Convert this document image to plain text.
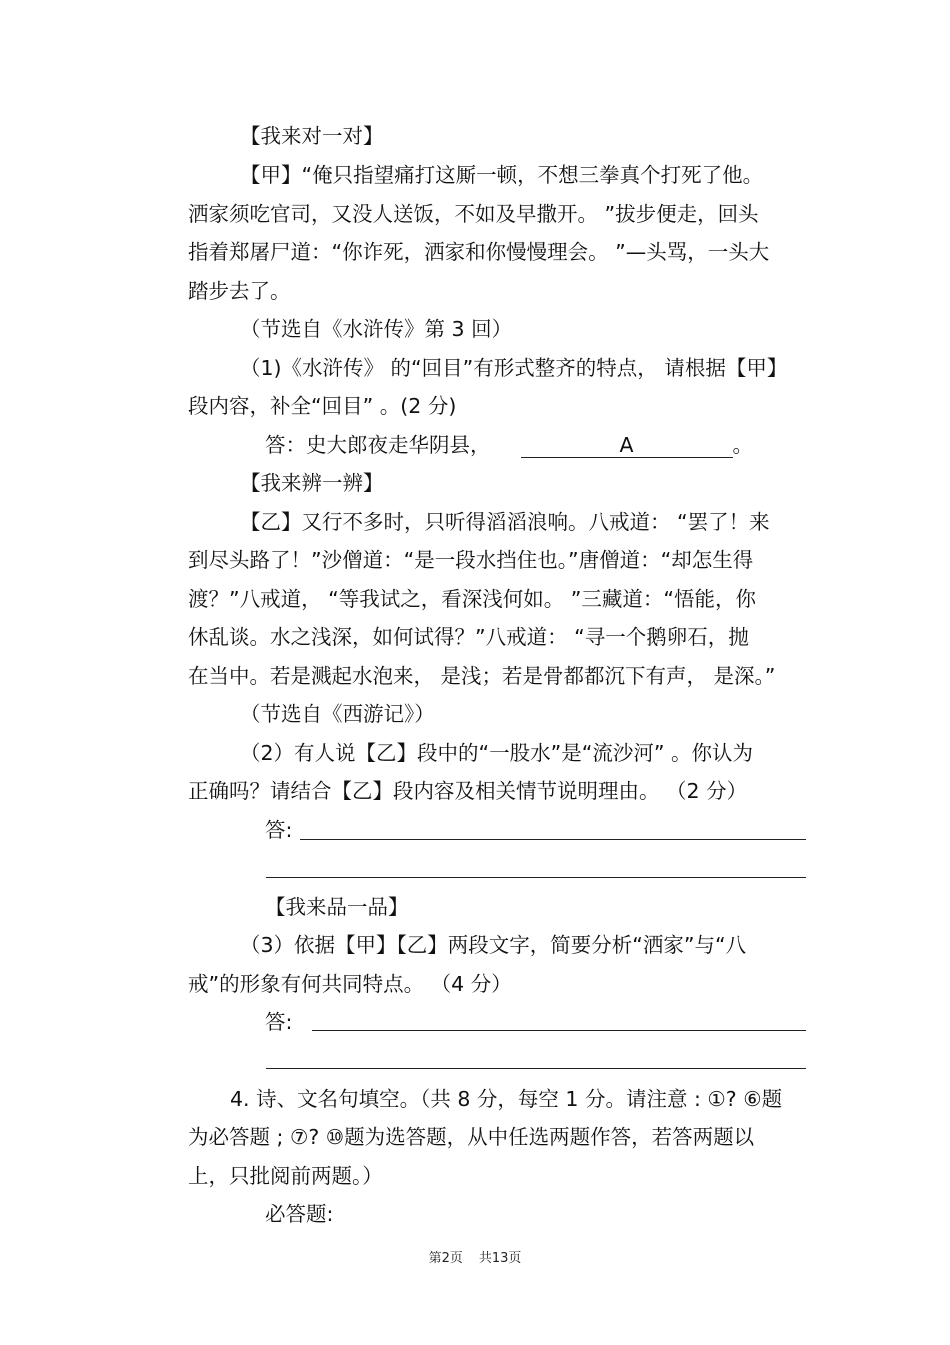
【我来对一对】
【甲】“俺只指望痛打这厮一顿，不想三拳真个打死了他。
洒家须吃官司，又没人送饭，不如及早撒开。 ”拔步便走，回头
指着郑屠尸道：“你诈死，洒家和你慢慢理会。 ”—头骂，一头大
踏步去了。
（节选自《水浒传》第 3 回）
（1)《水浒传》 的“回目”有形式整齐的特点， 请根据【甲】
段内容，补全“回目” 。(2 分)
答：史大郎夜走华阴县，	A	。
【我来辨一辨】
【乙】又行不多时，只听得滔滔浪响。八戒道： “罢了！来
到尽头路了！”沙僧道：“是一段水挡住也。”唐僧道：“却怎生得
渡？”八戒道， “等我试之，看深浅何如。 ”三藏道：“悟能，你
休乱谈。水之浅深，如何试得？”八戒道： “寻一个鹅卵石，抛
在当中。若是溅起水泡来， 是浅；若是骨都都沉下有声， 是深。”
（节选自《西游记》）
（2）有人说【乙】段中的“一股水”是“流沙河” 。你认为
正确吗？请结合【乙】段内容及相关情节说明理由。 （2 分）
答:
【我来品一品】
（3）依据【甲】【乙】两段文字，简要分析“洒家”与“八
戒”的形象有何共同特点。 （4 分）
答:
4. 诗、文名句填空。（共 8 分，每空 1 分。请注意 : ①? ⑥题
为必答题 ; ⑦? ⑩题为选答题，从中任选两题作答，若答两题以
上，只批阅前两题。）
必答题:
第2页 共13页
